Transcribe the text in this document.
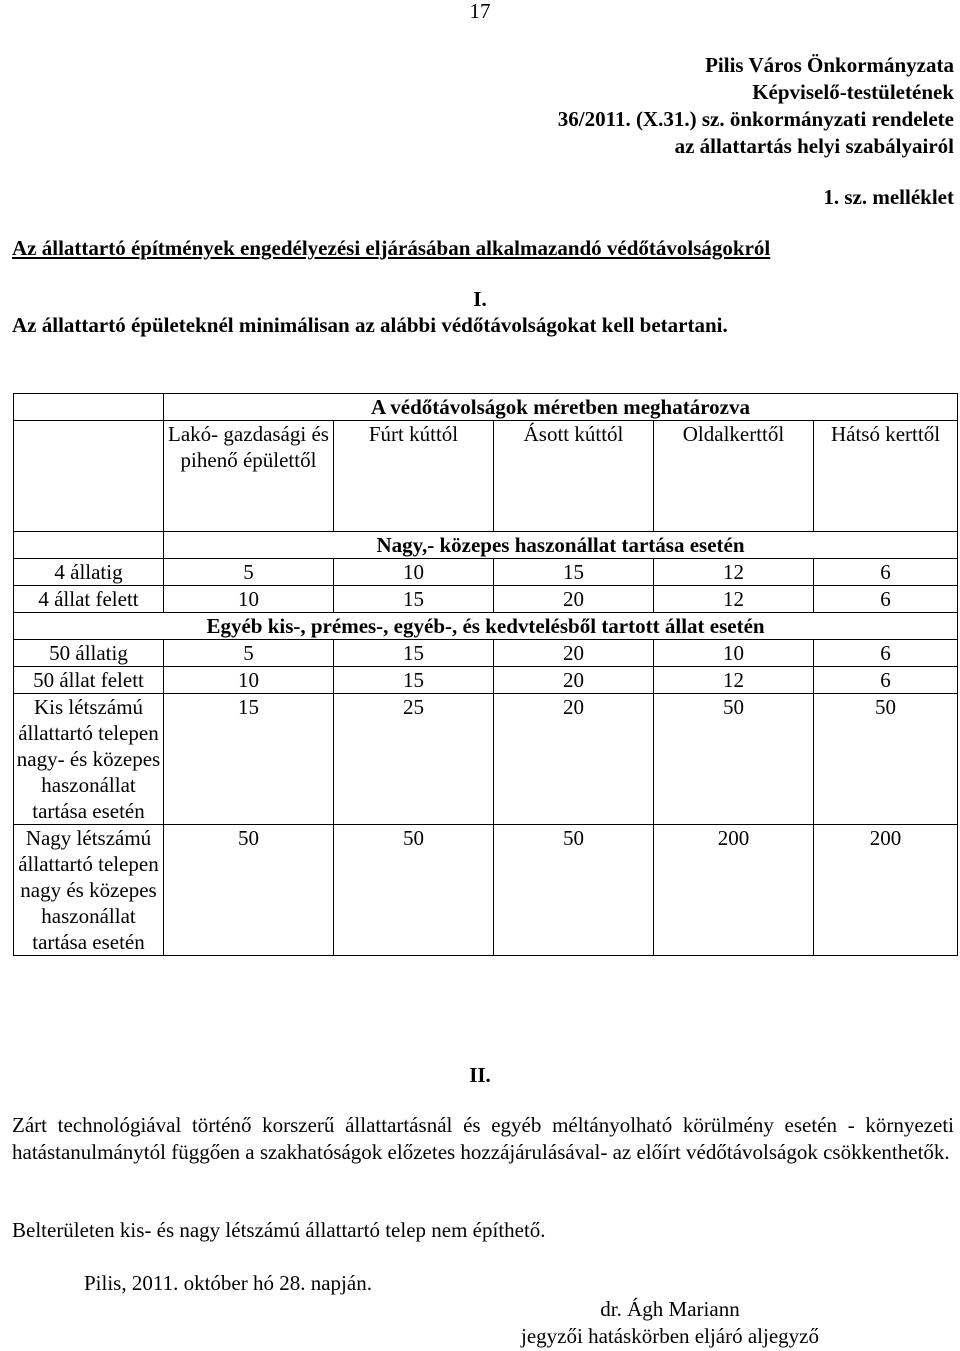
17
Pilis Város Önkormányzata
Képviselő-testületének
36/2011. (X.31.) sz. önkormányzati rendelete
az állattartás helyi szabályairól
1. sz. melléklet
Az állattartó építmények engedélyezési eljárásában alkalmazandó védőtávolságokról
I.
Az állattartó épületeknél minimálisan az alábbi védőtávolságokat kell betartani.
	A védőtávolságok méretben meghatározva				
	Lakó- gazdasági és pihenő épülettől	Fúrt kúttól	Ásott kúttól	Oldalkerttől	Hátsó kerttől
	Nagy,- közepes haszonállat tartása esetén				
4 állatig	5	10	15	12	6
4 állat felett	10	15	20	12	6
Egyéb kis-, prémes-, egyéb-, és kedvtelésből tartott állat esetén					
50 állatig	5	15	20	10	6
50 állat felett	10	15	20	12	6
Kis létszámú állattartó telepen nagy- és közepes haszonállat tartása esetén	15	25	20	50	50
Nagy létszámú állattartó telepen nagy és közepes haszonállat tartása esetén	50	50	50	200	200
II.
Zárt technológiával történő korszerű állattartásnál és egyéb méltányolható körülmény esetén - környezeti hatástanulmánytól függően a szakhatóságok előzetes hozzájárulásával- az előírt védőtávolságok csökkenthetők.
Belterületen kis- és nagy létszámú állattartó telep nem építhető.
Pilis, 2011. október hó 28. napján.
dr. Ágh Mariann
jegyzői hatáskörben eljáró aljegyző
